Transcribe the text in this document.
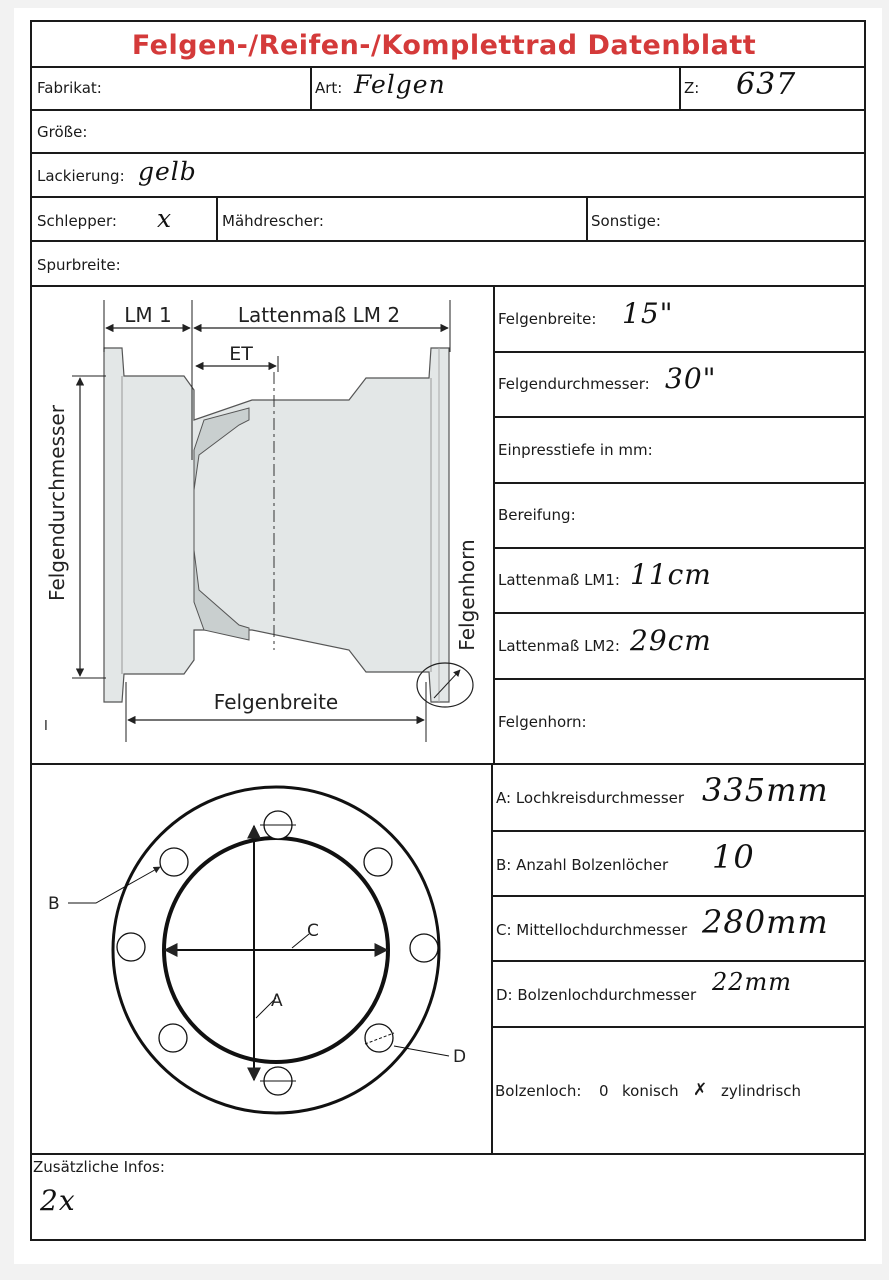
Felgen-/Reifen-/Komplettrad Datenblatt
Fabrikat:	Art: Felgen	Z: 637
Größe:
Lackierung: gelb
Schlepper: x	Mähdrescher:	Sonstige:
Spurbreite:
Felgenbreite: 15"
Felgendurchmesser: 30"
Einpresstiefe in mm:
Bereifung:
Lattenmaß LM1: 11cm
Lattenmaß LM2: 29cm
Felgenhorn:
LM 1	Lattenmaß LM 2
ET
Felgendurchmesser	Felgenhorn
Felgenbreite
I
A: Lochkreisdurchmesser 335mm
B: Anzahl Bolzenlöcher 10
C: Mittellochdurchmesser 280mm
D: Bolzenlochdurchmesser 22mm
Bolzenloch: 0 konisch ✗ zylindrisch
A
C
B
D
Zusätzliche Infos:
2x
